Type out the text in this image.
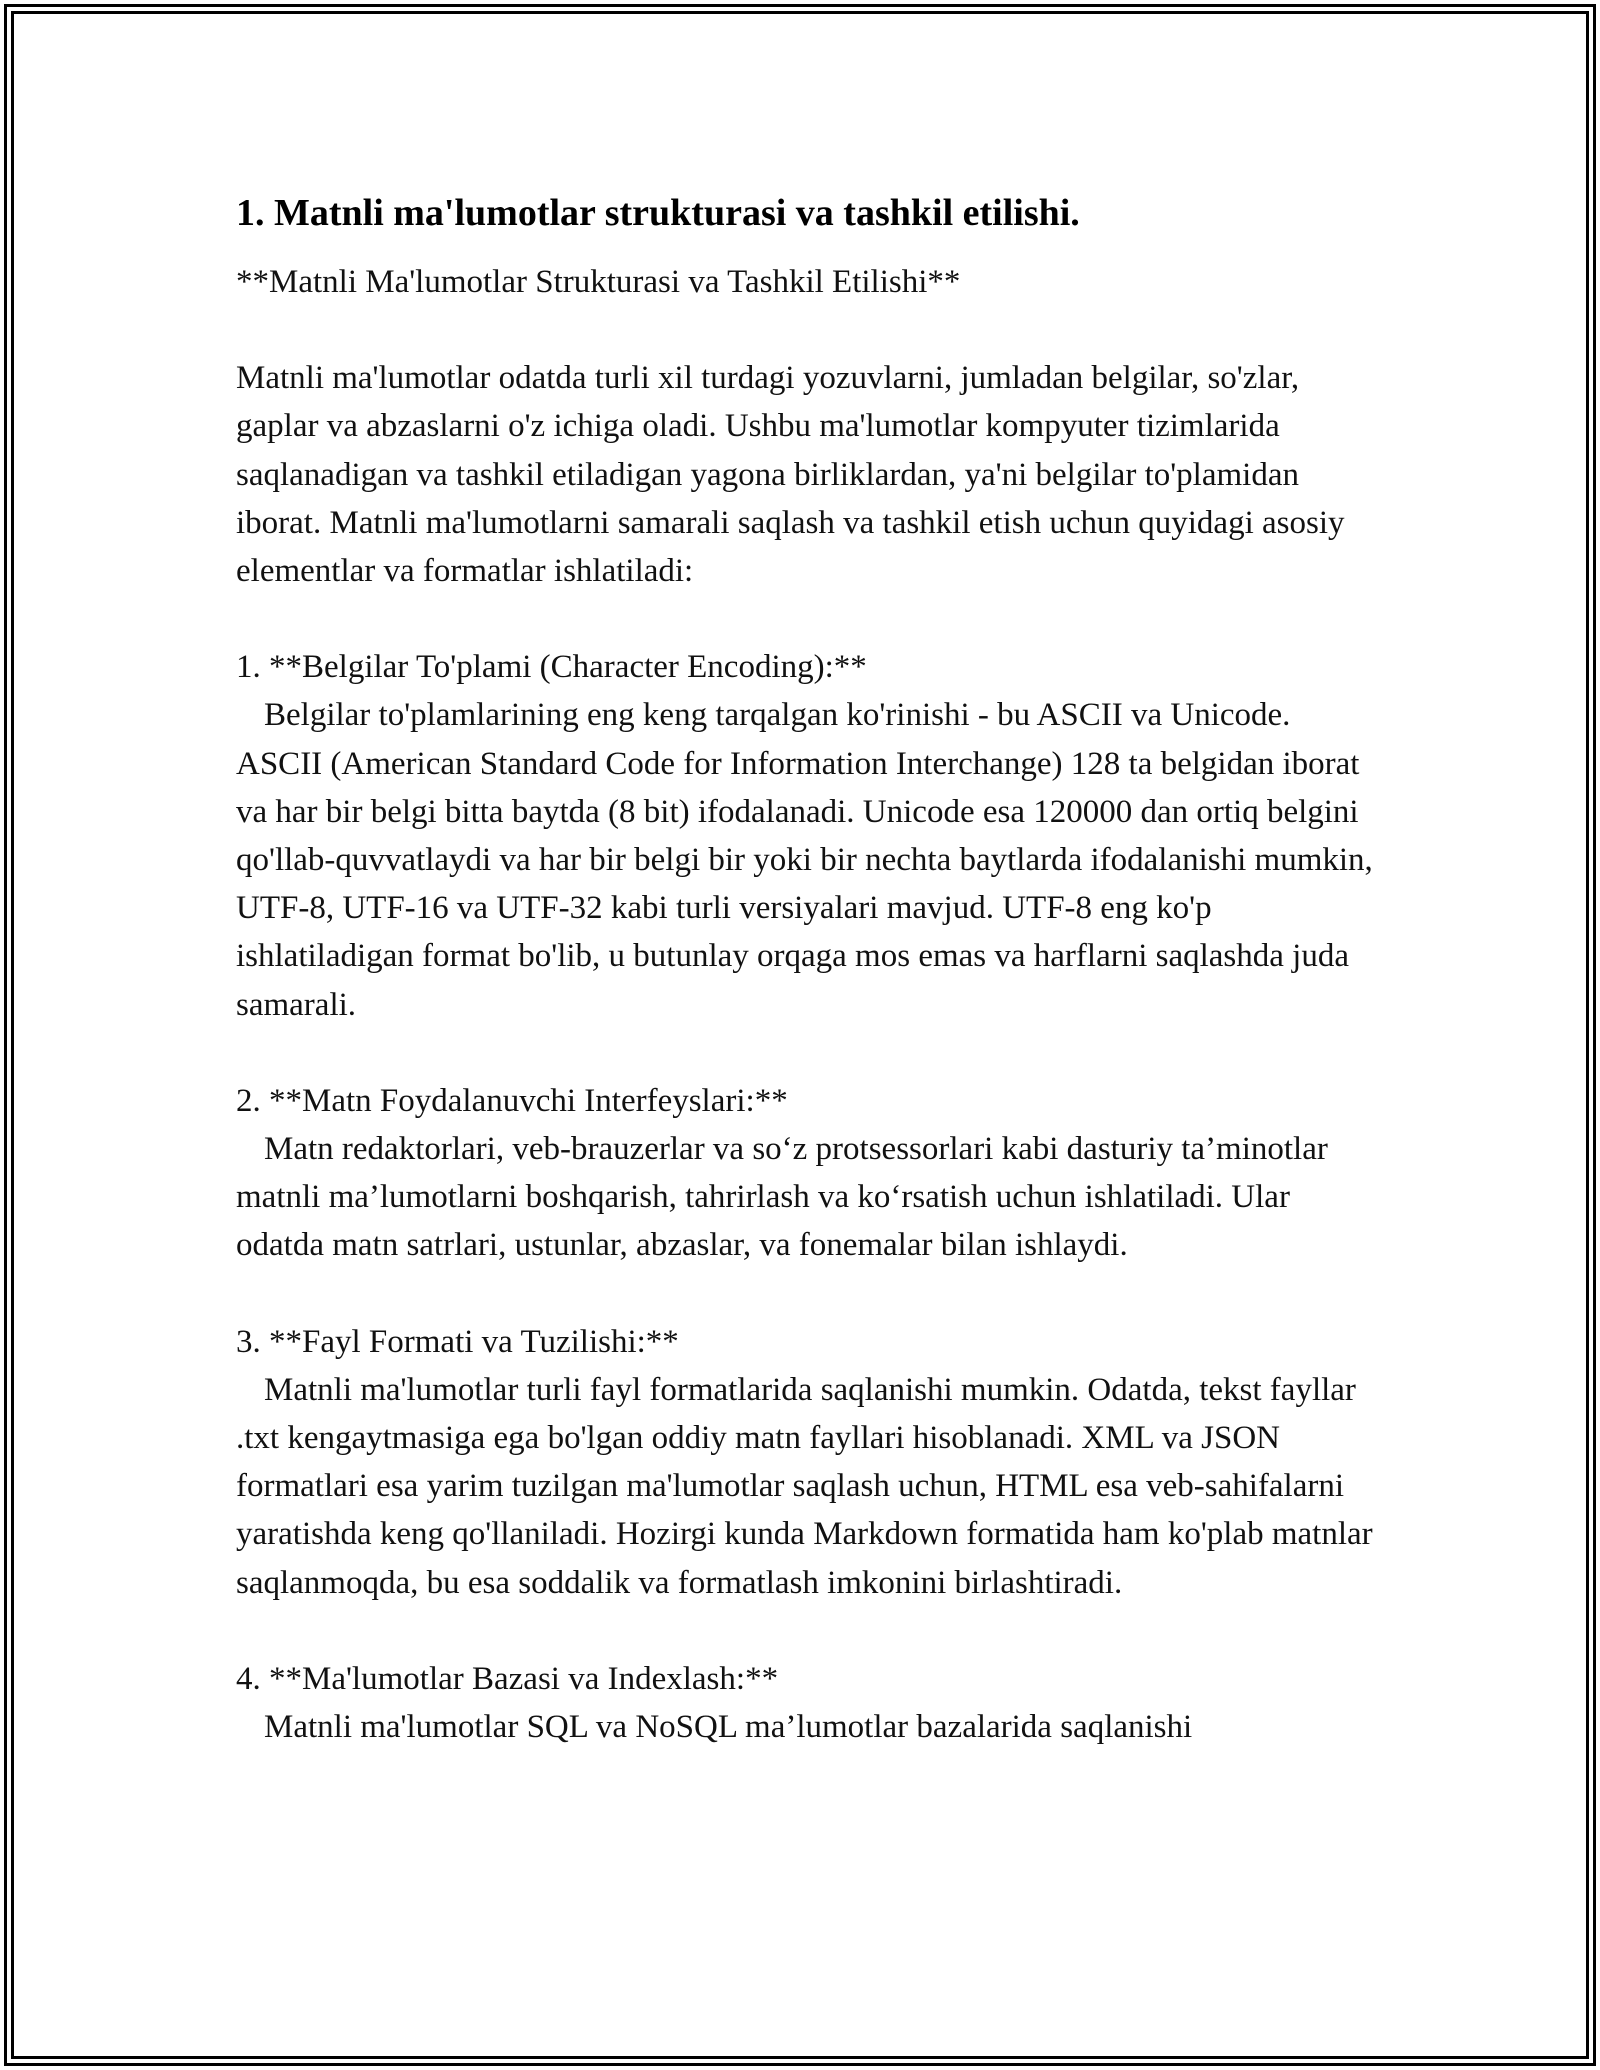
1. Matnli ma'lumotlar strukturasi va tashkil etilishi.

**Matnli Ma'lumotlar Strukturasi va Tashkil Etilishi**

Matnli ma'lumotlar odatda turli xil turdagi yozuvlarni, jumladan belgilar, so'zlar, gaplar va abzaslarni o'z ichiga oladi. Ushbu ma'lumotlar kompyuter tizimlarida saqlanadigan va tashkil etiladigan yagona birliklardan, ya'ni belgilar to'plamidan iborat. Matnli ma'lumotlarni samarali saqlash va tashkil etish uchun quyidagi asosiy elementlar va formatlar ishlatiladi:

1. **Belgilar To'plami (Character Encoding):**

Belgilar to'plamlarining eng keng tarqalgan ko'rinishi - bu ASCII va Unicode. ASCII (American Standard Code for Information Interchange) 128 ta belgidan iborat va har bir belgi bitta baytda (8 bit) ifodalanadi. Unicode esa 120000 dan ortiq belgini qo'llab-quvvatlaydi va har bir belgi bir yoki bir nechta baytlarda ifodalanishi mumkin, UTF-8, UTF-16 va UTF-32 kabi turli versiyalari mavjud. UTF-8 eng ko'p ishlatiladigan format bo'lib, u butunlay orqaga mos emas va harflarni saqlashda juda samarali.

2. **Matn Foydalanuvchi Interfeyslari:**

Matn redaktorlari, veb-brauzerlar va so‘z protsessorlari kabi dasturiy ta’minotlar matnli ma’lumotlarni boshqarish, tahrirlash va ko‘rsatish uchun ishlatiladi. Ular odatda matn satrlari, ustunlar, abzaslar, va fonemalar bilan ishlaydi.

3. **Fayl Formati va Tuzilishi:**

Matnli ma'lumotlar turli fayl formatlarida saqlanishi mumkin. Odatda, tekst fayllar .txt kengaytmasiga ega bo'lgan oddiy matn fayllari hisoblanadi. XML va JSON formatlari esa yarim tuzilgan ma'lumotlar saqlash uchun, HTML esa veb-sahifalarni yaratishda keng qo'llaniladi. Hozirgi kunda Markdown formatida ham ko'plab matnlar saqlanmoqda, bu esa soddalik va formatlash imkonini birlashtiradi.

4. **Ma'lumotlar Bazasi va Indexlash:**

Matnli ma'lumotlar SQL va NoSQL ma’lumotlar bazalarida saqlanishi
